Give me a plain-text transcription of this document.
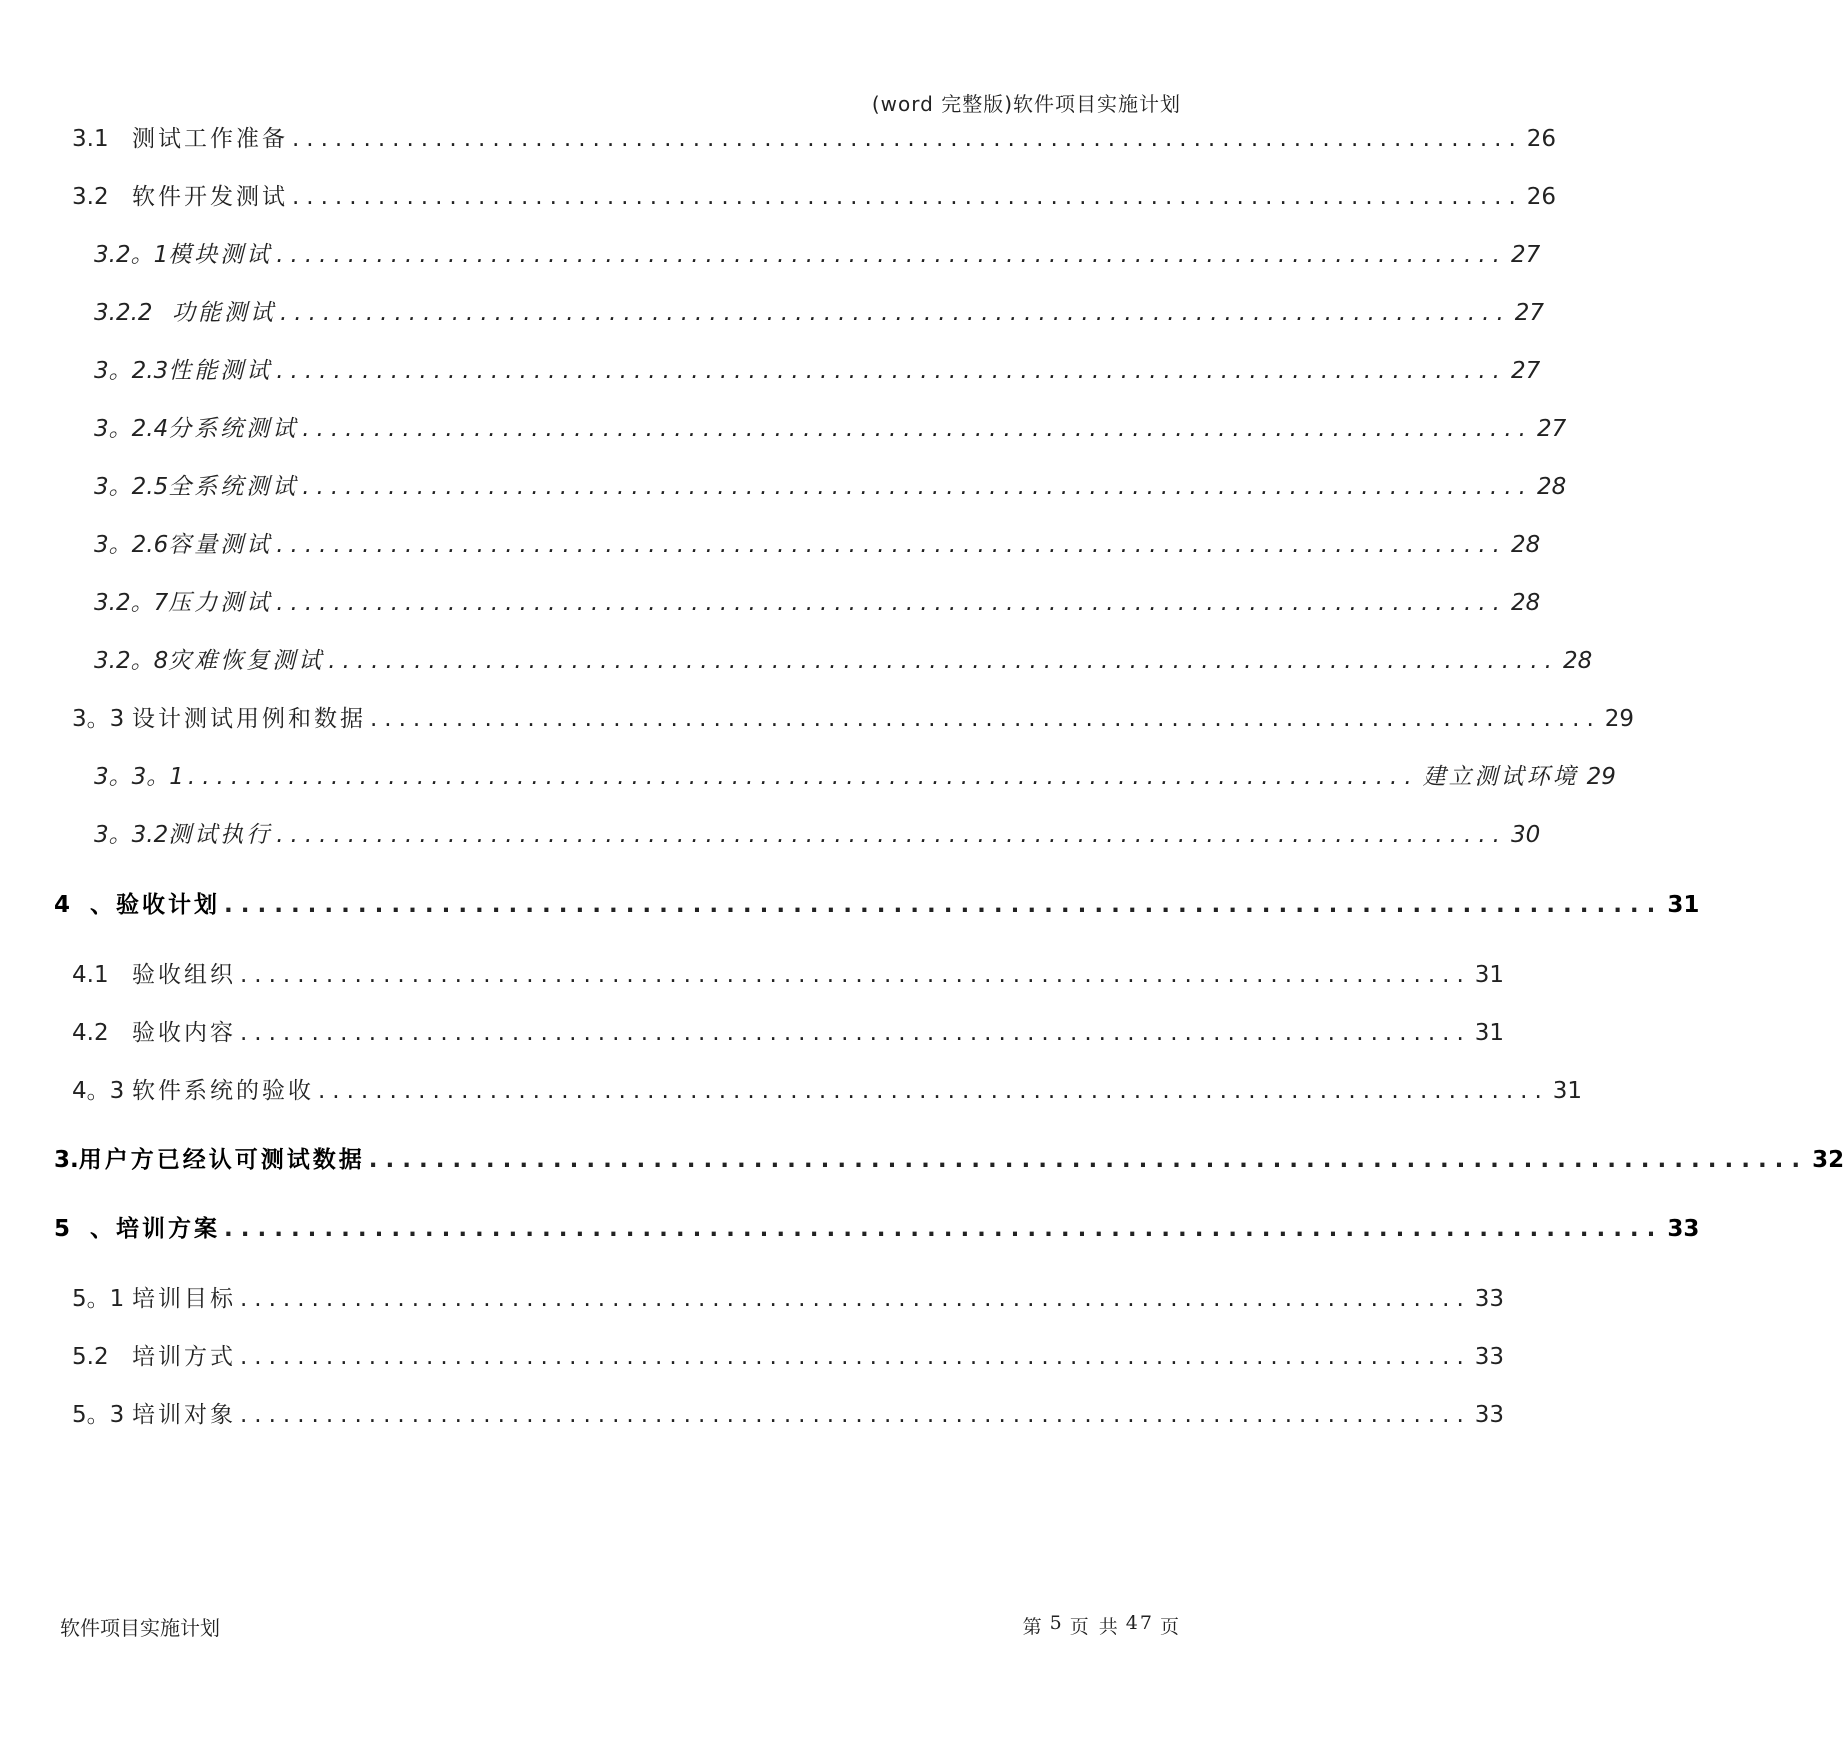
(word 完整版)软件项目实施计划
3.1	测试工作准备 ...................................................................................... 26
3.2	软件开发测试 ...................................................................................... 26
3.2。1 模块测试 ...................................................................................... 27
3.2.2 功能测试 ...................................................................................... 27
3。2.3 性能测试 ...................................................................................... 27
3。2.4 分系统测试 ...................................................................................... 27
3。2.5 全系统测试 ...................................................................................... 28
3。2.6 容量测试 ...................................................................................... 28
3.2。7 压力测试 ...................................................................................... 28
3.2。8 灾难恢复测试 ...................................................................................... 28
3。3 设计测试用例和数据 ...................................................................................... 29
3。3。1 ...................................................................................... 建立测试环境 29
3。3.2 测试执行 ...................................................................................... 30
4 、验收计划 ...................................................................................... 31
4.1	验收组织 ...................................................................................... 31
4.2	验收内容 ...................................................................................... 31
4。3 软件系统的验收 ...................................................................................... 31
3. 用户方已经认可测试数据 ...................................................................................... 32
5 、培训方案 ...................................................................................... 33
5。1 培训目标 ...................................................................................... 33
5.2	培训方式 ...................................................................................... 33
5。3 培训对象 ...................................................................................... 33
软件项目实施计划	第 5 页 共 47 页
